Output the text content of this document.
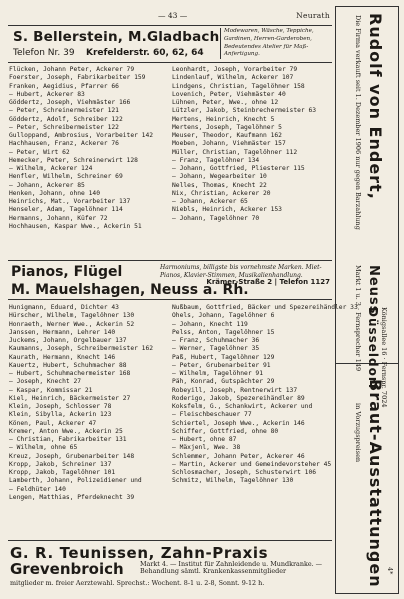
— 43 —	Neurath
S. Bellerstein, M.Gladbach
Telefon Nr. 39 Krefelderstr. 60, 62, 64
Modewaren, Wäsche, Teppiche, Gardinen, Herren-Garderoben, Bedeutendes Atelier für Maß-Anfertigung.
Flücken, Johann Peter, Ackerer 79
Foerster, Joseph, Fabrikarbeiter 159
Franken, Aegidius, Pfarrer 66
— Hubert, Ackerer 83
Göddertz, Joseph, Viehmäster 166
— Peter, Schreinermeister 121
Göddertz, Adolf, Schreiber 122
— Peter, Schreibermeister 122
Gulloppand, Ambrosius, Vorarbeiter 142
Hachhausen, Franz, Ackerer 76
— Peter, Wirt 62
Hemecker, Peter, Schreinerwirt 128
— Wilhelm, Ackerer 124
Henfler, Wilhelm, Schreiner 69
— Johann, Ackerer 85
Henken, Johann, ohne 140
Heinrichs, Mat., Vorarbeiter 137
Henseler, Adam, Tagelöhner 114
Hermanns, Johann, Küfer 72
Hochhausen, Kaspar Wwe., Ackerin 51
Leonhardt, Joseph, Vorarbeiter 79
Lindenlauf, Wilhelm, Ackerer 107
Lindgens, Christian, Tagelöhner 158
Lovenich, Peter, Viehmäster 40
Lühnen, Peter, Wwe., ohne 12
Lützler, Jakob, Steinbrechermeister 63
Mertens, Heinrich, Knecht 5
Mertens, Joseph, Tagelöhner 5
Meuser, Theodor, Kaufmann 162
Moeben, Johann, Viehmäster 157
Müller, Christian, Tagelöhner 112
— Franz, Tagelöhner 134
— Johann, Gottfried, Pliesterer 115
— Johann, Wegearbeiter 10
Nelles, Thomas, Knecht 22
Nix, Christian, Ackerer 20
— Johann, Ackerer 65
Niebls, Heinrich, Ackerer 153
— Johann, Tagelöhner 70
Pianos, Flügel
M. Mauelshagen, Neuss a. Rh.
Harmoniums, billigste bis vornehmste Marken. Miet-Pianos, Klavier-Stimmen, Musikalienhandlung.
Krämer-Straße 2 | Telefon 1127
Hunigmann, Eduard, Dichter 43
Hürscher, Wilhelm, Tagelöhner 130
Honraeth, Werner Wwe., Ackerin 52
Janssen, Hermann, Lehrer 140
Juckems, Johann, Orgelbauer 137
Kaumanns, Joseph, Schreibermeister 162
Kaurath, Hermann, Knecht 146
Kauertz, Hubert, Schuhmacher 88
— Hubert, Schuhmachermeister 168
— Joseph, Knecht 27
— Kaspar, Kommissar 21
Kiel, Heinrich, Bäckermeister 27
Klein, Joseph, Schlosser 78
Klein, Sibylla, Ackerin 123
Könen, Paul, Ackerer 47
Kremer, Anton Wwe., Ackerin 25
— Christian, Fabrikarbeiter 131
— Wilhelm, ohne 65
Kreuz, Joseph, Grubenarbeiter 148
Kropp, Jakob, Schreiner 137
Kropp, Jakob, Tagelöhner 101
Lamberth, Johann, Polizeidiener und
— Feldhüter 140
Lengen, Matthias, Pferdeknecht 39
Nußbaum, Gottfried, Bäcker und Spezereihändler 33
Ohels, Johann, Tagelöhner 6
— Johann, Knecht 119
Pelss, Anton, Tagelöhner 15
— Franz, Schuhmacher 36
— Werner, Tagelöhner 35
Paß, Hubert, Tagelöhner 129
— Peter, Grubenarbeiter 91
— Wilhelm, Tagelöhner 91
Päh, Konrad, Gutspächter 29
Robeyill, Joseph, Rentnerwirt 137
Roderigo, Jakob, Spezereihändler 89
Koksfelm, G., Schankwirt, Ackerer und
— Fleischbeschauer 77
Schiertel, Joseph Wwe., Ackerin 146
Schiffer, Gottfried, ohne 80
— Hubert, ohne 87
— Mäxjenl, Wwe. 38
Schlemmer, Johann Peter, Ackerer 46
— Martin, Ackerer und Gemeindevorsteher 45
Schlosmacher, Joseph, Schusterwirt 106
Schmitz, Wilhelm, Tagelöhner 130
G. R. Teunissen, Zahn-Praxis
Grevenbroich	Markt 4. — Institut für Zahnleidende u. Mundkranke. — Behandlung sämtl. Krankenkassenmitglieder
mitglieder m. freier Aerztewahl. Sprechst.: Wochent. 8-1 u. 2-8, Sonnt. 9-12 h.
Rudolf von Endert,
Die Firma verkauft seit 1. Dezember 1906 nur gegen Barzahlung
Neuss
Markt 1 u. 3 · Fernsprecher 149 Düsseldorf Königsallee 16 · Fernspr. 7024
Braut-Ausstattungen
in Vorzugspreisen
4*
